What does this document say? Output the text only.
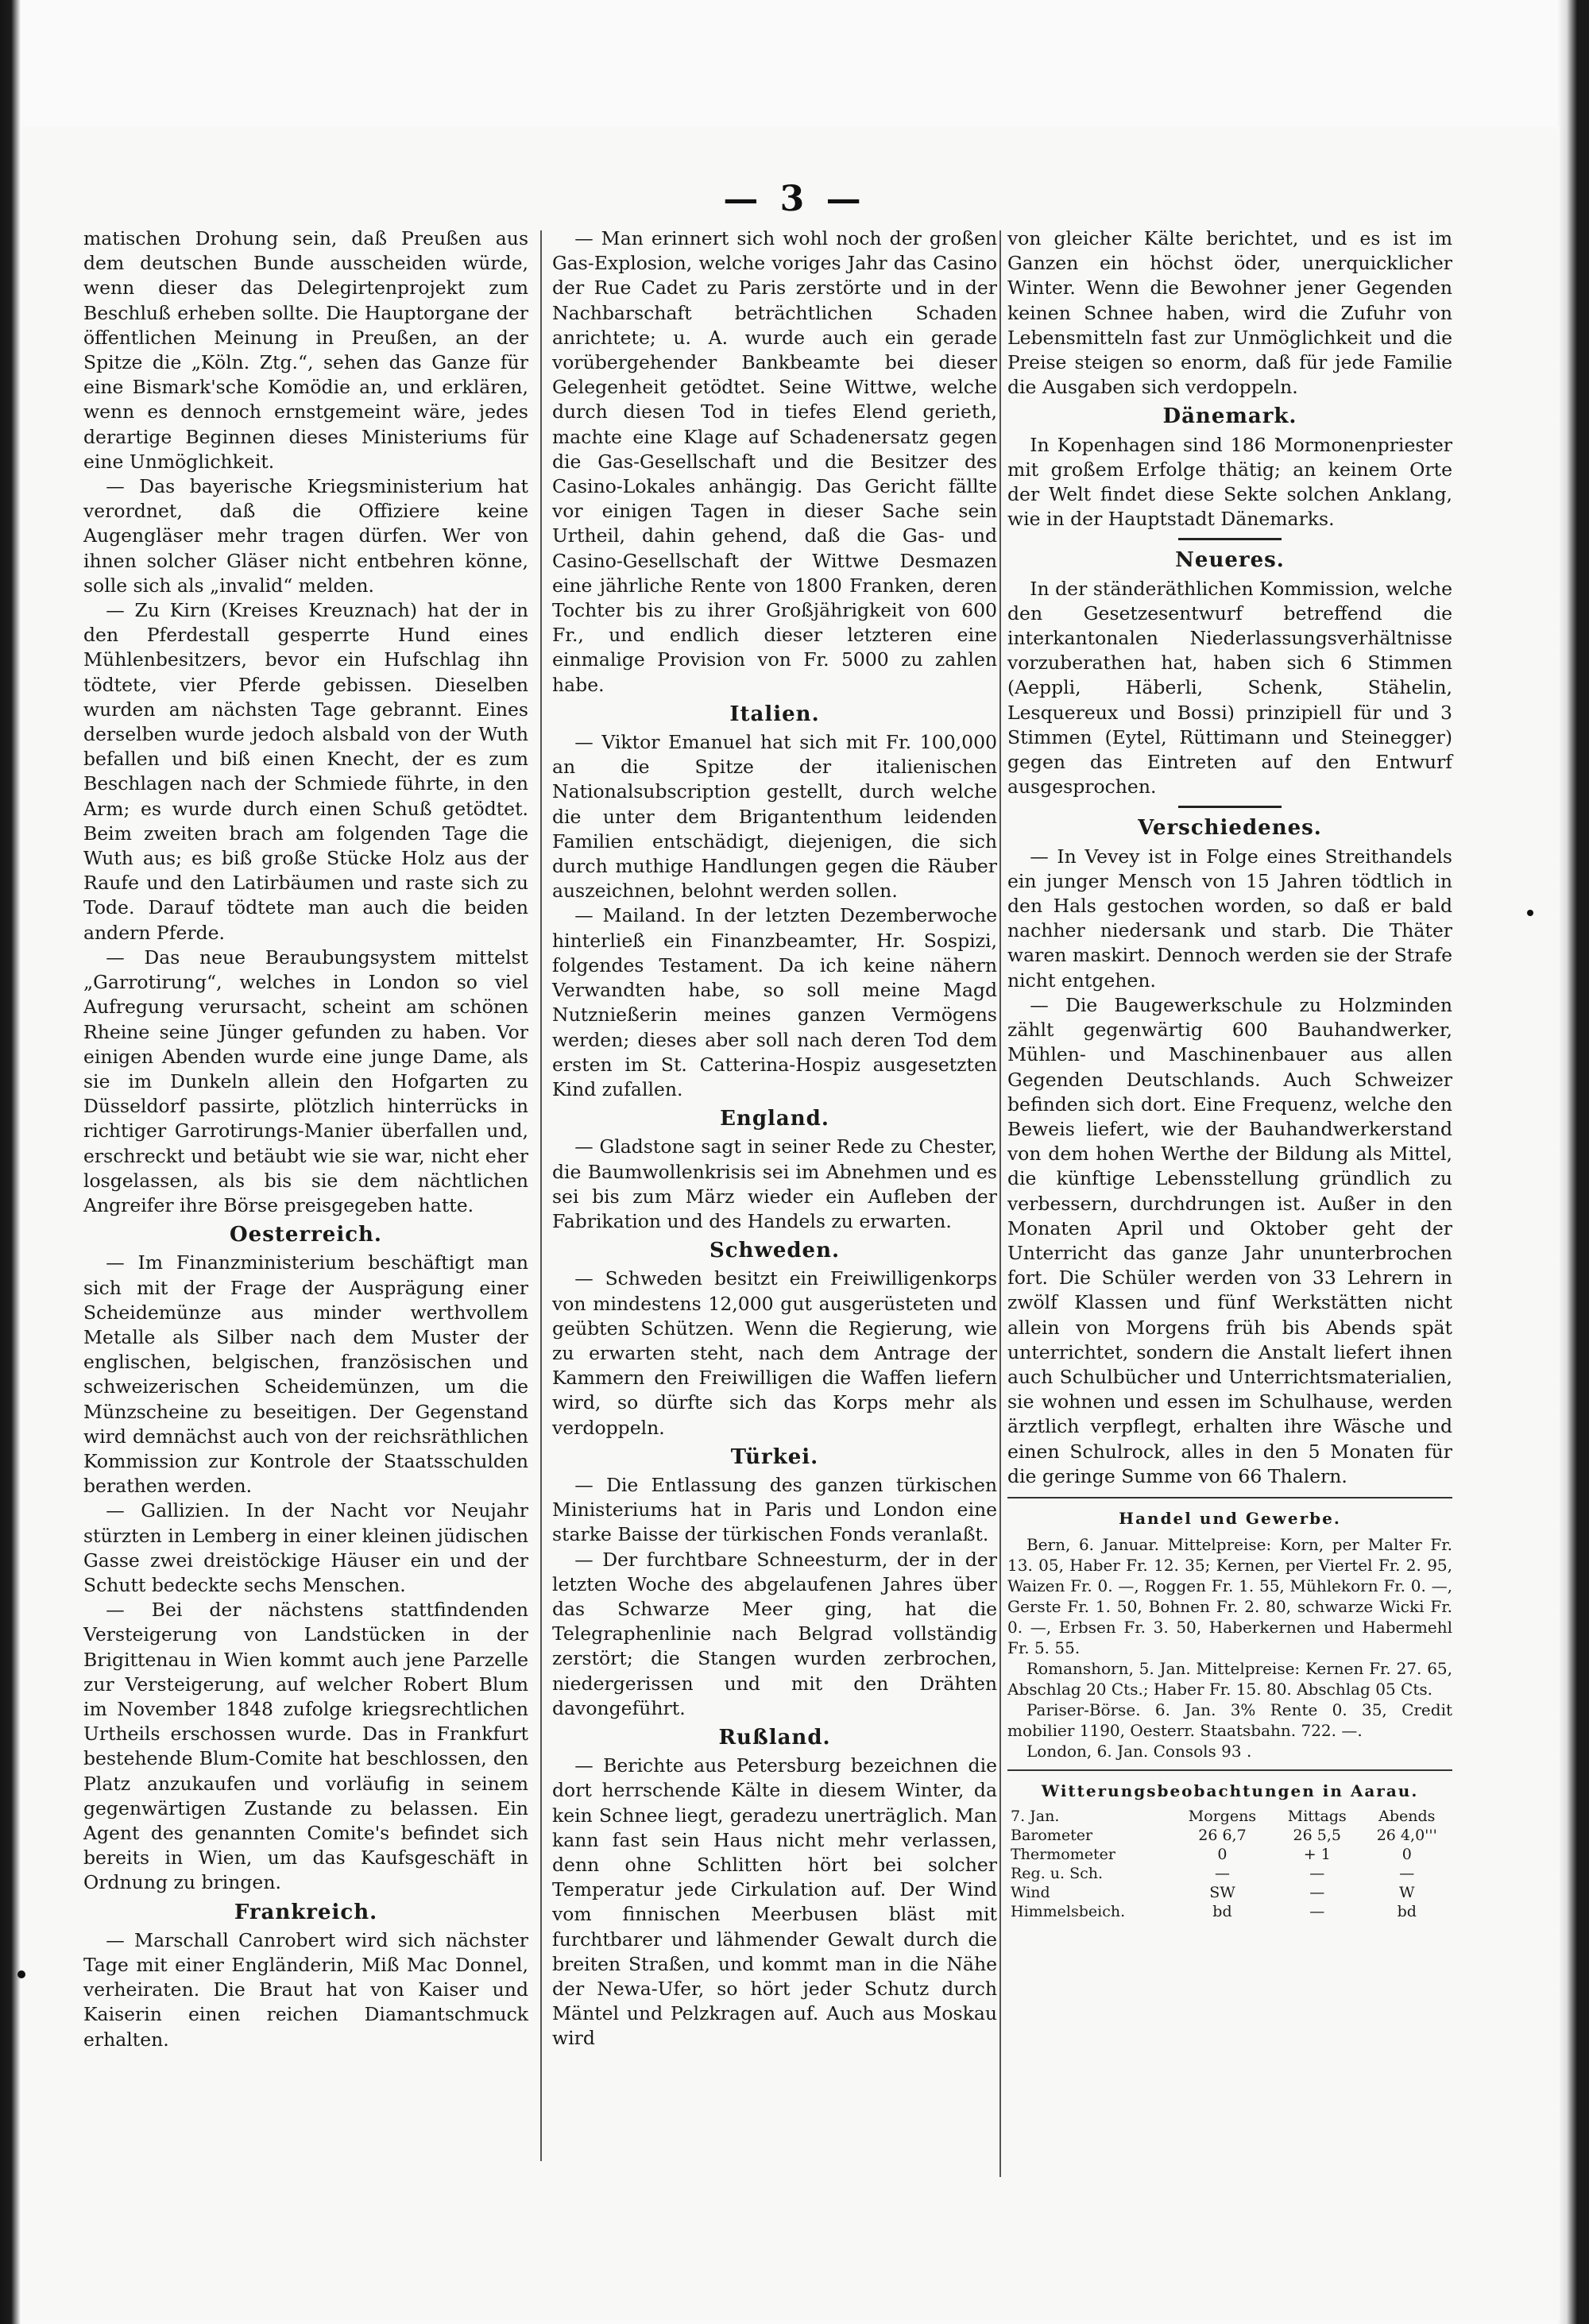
— 3 —

matischen Drohung sein, daß Preußen aus dem deutschen Bunde ausscheiden würde, wenn dieser das Delegirtenprojekt zum Beschluß erheben sollte. Die Hauptorgane der öffentlichen Meinung in Preußen, an der Spitze die „Köln. Ztg.“, sehen das Ganze für eine Bismark'sche Komödie an, und erklären, wenn es dennoch ernstgemeint wäre, jedes derartige Beginnen dieses Ministeriums für eine Unmöglichkeit.

— Das bayerische Kriegsministerium hat verordnet, daß die Offiziere keine Augengläser mehr tragen dürfen. Wer von ihnen solcher Gläser nicht entbehren könne, solle sich als „invalid“ melden.

— Zu Kirn (Kreises Kreuznach) hat der in den Pferdestall gesperrte Hund eines Mühlenbesitzers, bevor ein Hufschlag ihn tödtete, vier Pferde gebissen. Dieselben wurden am nächsten Tage gebrannt. Eines derselben wurde jedoch alsbald von der Wuth befallen und biß einen Knecht, der es zum Beschlagen nach der Schmiede führte, in den Arm; es wurde durch einen Schuß getödtet. Beim zweiten brach am folgenden Tage die Wuth aus; es biß große Stücke Holz aus der Raufe und den Latirbäumen und raste sich zu Tode. Darauf tödtete man auch die beiden andern Pferde.

— Das neue Beraubungsystem mittelst „Garrotirung“, welches in London so viel Aufregung verursacht, scheint am schönen Rheine seine Jünger gefunden zu haben. Vor einigen Abenden wurde eine junge Dame, als sie im Dunkeln allein den Hofgarten zu Düsseldorf passirte, plötzlich hinterrücks in richtiger Garrotirungs-Manier überfallen und, erschreckt und betäubt wie sie war, nicht eher losgelassen, als bis sie dem nächtlichen Angreifer ihre Börse preisgegeben hatte.

Oesterreich.

— Im Finanzministerium beschäftigt man sich mit der Frage der Ausprägung einer Scheidemünze aus minder werthvollem Metalle als Silber nach dem Muster der englischen, belgischen, französischen und schweizerischen Scheidemünzen, um die Münzscheine zu beseitigen. Der Gegenstand wird demnächst auch von der reichsräthlichen Kommission zur Kontrole der Staatsschulden berathen werden.

— Gallizien. In der Nacht vor Neujahr stürzten in Lemberg in einer kleinen jüdischen Gasse zwei dreistöckige Häuser ein und der Schutt bedeckte sechs Menschen.

— Bei der nächstens stattfindenden Versteigerung von Landstücken in der Brigittenau in Wien kommt auch jene Parzelle zur Versteigerung, auf welcher Robert Blum im November 1848 zufolge kriegsrechtlichen Urtheils erschossen wurde. Das in Frankfurt bestehende Blum-Comite hat beschlossen, den Platz anzukaufen und vorläufig in seinem gegenwärtigen Zustande zu belassen. Ein Agent des genannten Comite's befindet sich bereits in Wien, um das Kaufsgeschäft in Ordnung zu bringen.

Frankreich.

— Marschall Canrobert wird sich nächster Tage mit einer Engländerin, Miß Mac Donnel, verheiraten. Die Braut hat von Kaiser und Kaiserin einen reichen Diamantschmuck erhalten.

— Man erinnert sich wohl noch der großen Gas-Explosion, welche voriges Jahr das Casino der Rue Cadet zu Paris zerstörte und in der Nachbarschaft beträchtlichen Schaden anrichtete; u. A. wurde auch ein gerade vorübergehender Bankbeamte bei dieser Gelegenheit getödtet. Seine Wittwe, welche durch diesen Tod in tiefes Elend gerieth, machte eine Klage auf Schadenersatz gegen die Gas-Gesellschaft und die Besitzer des Casino-Lokales anhängig. Das Gericht fällte vor einigen Tagen in dieser Sache sein Urtheil, dahin gehend, daß die Gas- und Casino-Gesellschaft der Wittwe Desmazen eine jährliche Rente von 1800 Franken, deren Tochter bis zu ihrer Großjährigkeit von 600 Fr., und endlich dieser letzteren eine einmalige Provision von Fr. 5000 zu zahlen habe.

Italien.

— Viktor Emanuel hat sich mit Fr. 100,000 an die Spitze der italienischen Nationalsubscription gestellt, durch welche die unter dem Brigantenthum leidenden Familien entschädigt, diejenigen, die sich durch muthige Handlungen gegen die Räuber auszeichnen, belohnt werden sollen.

— Mailand. In der letzten Dezemberwoche hinterließ ein Finanzbeamter, Hr. Sospizi, folgendes Testament. Da ich keine nähern Verwandten habe, so soll meine Magd Nutznießerin meines ganzen Vermögens werden; dieses aber soll nach deren Tod dem ersten im St. Catterina-Hospiz ausgesetzten Kind zufallen.

England.

— Gladstone sagt in seiner Rede zu Chester, die Baumwollenkrisis sei im Abnehmen und es sei bis zum März wieder ein Aufleben der Fabrikation und des Handels zu erwarten.

Schweden.

— Schweden besitzt ein Freiwilligenkorps von mindestens 12,000 gut ausgerüsteten und geübten Schützen. Wenn die Regierung, wie zu erwarten steht, nach dem Antrage der Kammern den Freiwilligen die Waffen liefern wird, so dürfte sich das Korps mehr als verdoppeln.

Türkei.

— Die Entlassung des ganzen türkischen Ministeriums hat in Paris und London eine starke Baisse der türkischen Fonds veranlaßt.

— Der furchtbare Schneesturm, der in der letzten Woche des abgelaufenen Jahres über das Schwarze Meer ging, hat die Telegraphenlinie nach Belgrad vollständig zerstört; die Stangen wurden zerbrochen, niedergerissen und mit den Drähten davongeführt.

Rußland.

— Berichte aus Petersburg bezeichnen die dort herrschende Kälte in diesem Winter, da kein Schnee liegt, geradezu unerträglich. Man kann fast sein Haus nicht mehr verlassen, denn ohne Schlitten hört bei solcher Temperatur jede Cirkulation auf. Der Wind vom finnischen Meerbusen bläst mit furchtbarer und lähmender Gewalt durch die breiten Straßen, und kommt man in die Nähe der Newa-Ufer, so hört jeder Schutz durch Mäntel und Pelzkragen auf. Auch aus Moskau wird

von gleicher Kälte berichtet, und es ist im Ganzen ein höchst öder, unerquicklicher Winter. Wenn die Bewohner jener Gegenden keinen Schnee haben, wird die Zufuhr von Lebensmitteln fast zur Unmöglichkeit und die Preise steigen so enorm, daß für jede Familie die Ausgaben sich verdoppeln.

Dänemark.

In Kopenhagen sind 186 Mormonenpriester mit großem Erfolge thätig; an keinem Orte der Welt findet diese Sekte solchen Anklang, wie in der Hauptstadt Dänemarks.

Neueres.

In der ständeräthlichen Kommission, welche den Gesetzesentwurf betreffend die interkantonalen Niederlassungsverhältnisse vorzuberathen hat, haben sich 6 Stimmen (Aeppli, Häberli, Schenk, Stähelin, Lesquereux und Bossi) prinzipiell für und 3 Stimmen (Eytel, Rüttimann und Steinegger) gegen das Eintreten auf den Entwurf ausgesprochen.

Verschiedenes.

— In Vevey ist in Folge eines Streithandels ein junger Mensch von 15 Jahren tödtlich in den Hals gestochen worden, so daß er bald nachher niedersank und starb. Die Thäter waren maskirt. Dennoch werden sie der Strafe nicht entgehen.

— Die Baugewerkschule zu Holzminden zählt gegenwärtig 600 Bauhandwerker, Mühlen- und Maschinenbauer aus allen Gegenden Deutschlands. Auch Schweizer befinden sich dort. Eine Frequenz, welche den Beweis liefert, wie der Bauhandwerkerstand von dem hohen Werthe der Bildung als Mittel, die künftige Lebensstellung gründlich zu verbessern, durchdrungen ist. Außer in den Monaten April und Oktober geht der Unterricht das ganze Jahr ununterbrochen fort. Die Schüler werden von 33 Lehrern in zwölf Klassen und fünf Werkstätten nicht allein von Morgens früh bis Abends spät unterrichtet, sondern die Anstalt liefert ihnen auch Schulbücher und Unterrichtsmaterialien, sie wohnen und essen im Schulhause, werden ärztlich verpflegt, erhalten ihre Wäsche und einen Schulrock, alles in den 5 Monaten für die geringe Summe von 66 Thalern.

Handel und Gewerbe.

Bern, 6. Januar. Mittelpreise: Korn, per Malter Fr. 13. 05, Haber Fr. 12. 35; Kernen, per Viertel Fr. 2. 95, Waizen Fr. 0. —, Roggen Fr. 1. 55, Mühlekorn Fr. 0. —, Gerste Fr. 1. 50, Bohnen Fr. 2. 80, schwarze Wicki Fr. 0. —, Erbsen Fr. 3. 50, Haberkernen und Habermehl Fr. 5. 55.

Romanshorn, 5. Jan. Mittelpreise: Kernen Fr. 27. 65, Abschlag 20 Cts.; Haber Fr. 15. 80. Abschlag 05 Cts.

Pariser-Börse. 6. Jan. 3% Rente 0. 35, Credit mobilier 1190, Oesterr. Staatsbahn. 722. —.

London, 6. Jan. Consols 93 .

Witterungsbeobachtungen in Aarau.
7. Jan.	Morgens	Mittags	Abends
Barometer	26 6,7	26 5,5	26 4,0'''
Thermometer	0	+ 1	0
Reg. u. Sch.	—	—	—
Wind	SW	—	W
Himmelsbeich.	bd	—	bd
